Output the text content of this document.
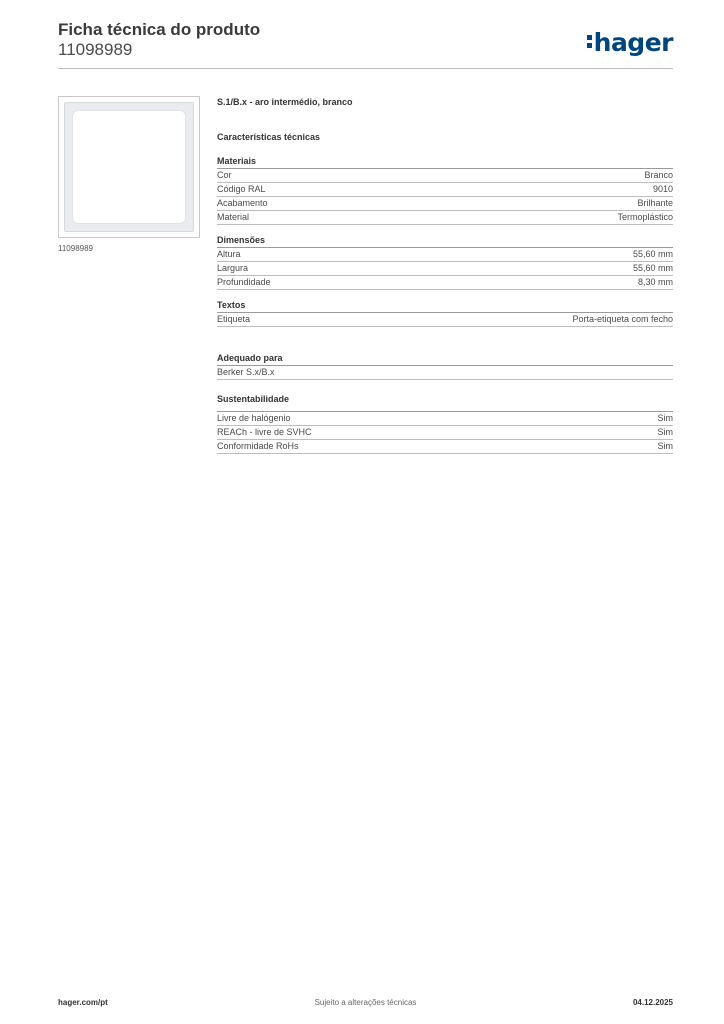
Ficha técnica do produto
11098989	hager
11098989
S.1/B.x - aro intermédio, branco
Características técnicas
Materiais
Cor	Branco
Código RAL	9010
Acabamento	Brilhante
Material	Termoplástico
Dimensões
Altura	55,60 mm
Largura	55,60 mm
Profundidade	8,30 mm
Textos
Etiqueta	Porta-etiqueta com fecho
Adequado para
Berker S.x/B.x
Sustentabilidade
Livre de halógenio	Sim
REACh - livre de SVHC	Sim
Conformidade RoHs	Sim
Sujeito a alterações técnicas
hager.com/pt	04.12.2025
